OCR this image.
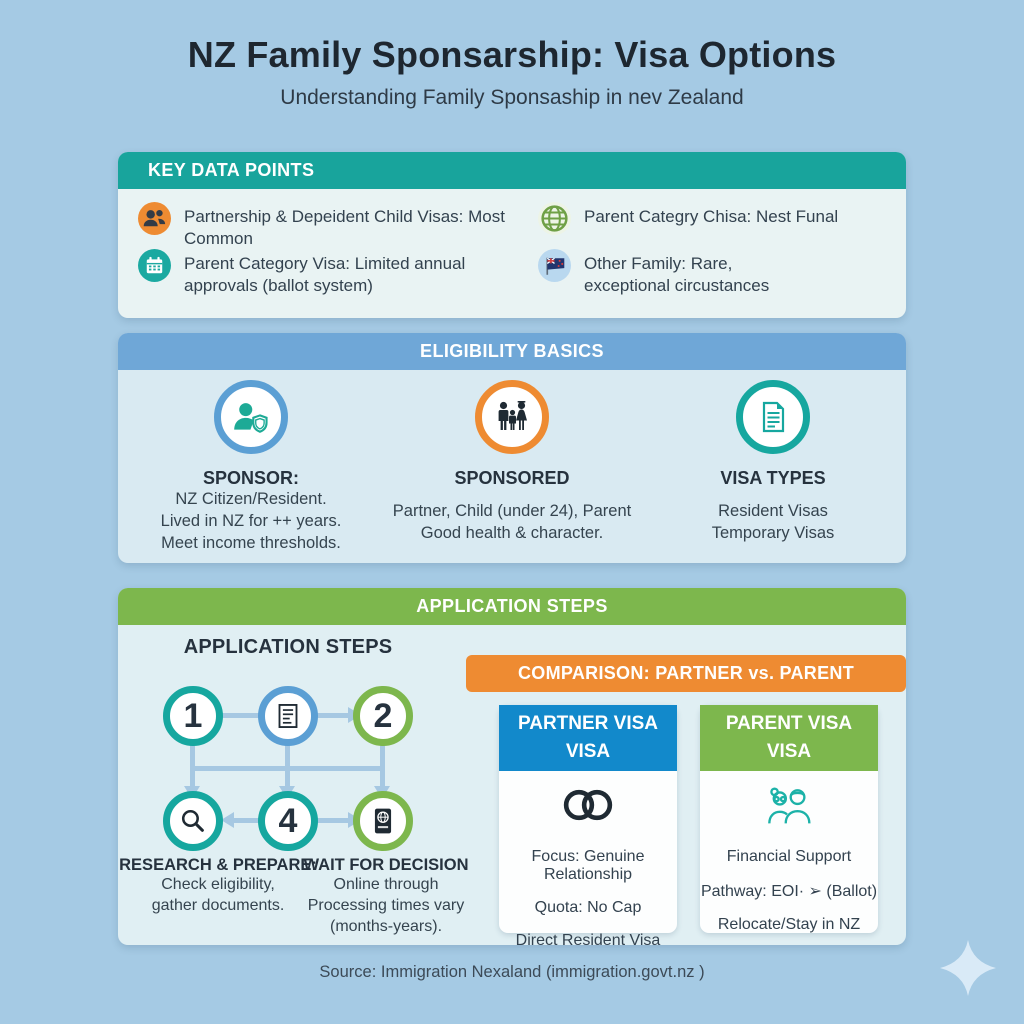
NZ Family Sponsarship: Visa Options
Understanding Family Sponsaship in nev Zealand
KEY DATA POINTS
Partnership & Depeident Child Visas: Most Common

Parent Categry Chisa: Nest Funal

Parent Category Visa: Limited annual
approvals (ballot system)
Other Family: Rare,
exceptional circustances
ELIGIBILITY BASICS
SPONSOR:
NZ Citizen/Resident.
Lived in NZ for ++ years.
Meet income thresholds.
SPONSORED
Partner, Child (under 24), Parent
Good health & character.
VISA TYPES
Resident Visas
Temporary Visas
APPLICATION STEPS
APPLICATION STEPS
1	2
4
RESEARCH & PREPARE:
Check eligibility,
gather documents.
WAIT FOR DECISION
Online through
Processing times vary
(months-years).
COMPARISON: PARTNER vs. PARENT
PARTNER VISA
VISA
Focus: Genuine Relationship
Quota: No Cap
Direct Resident Visa
PARENT VISA
VISA
Financial Support
Pathway: EOI· ➢ (Ballot)
Relocate/Stay in NZ
Source: Immigration Nexaland (immigration.govt.nz )
